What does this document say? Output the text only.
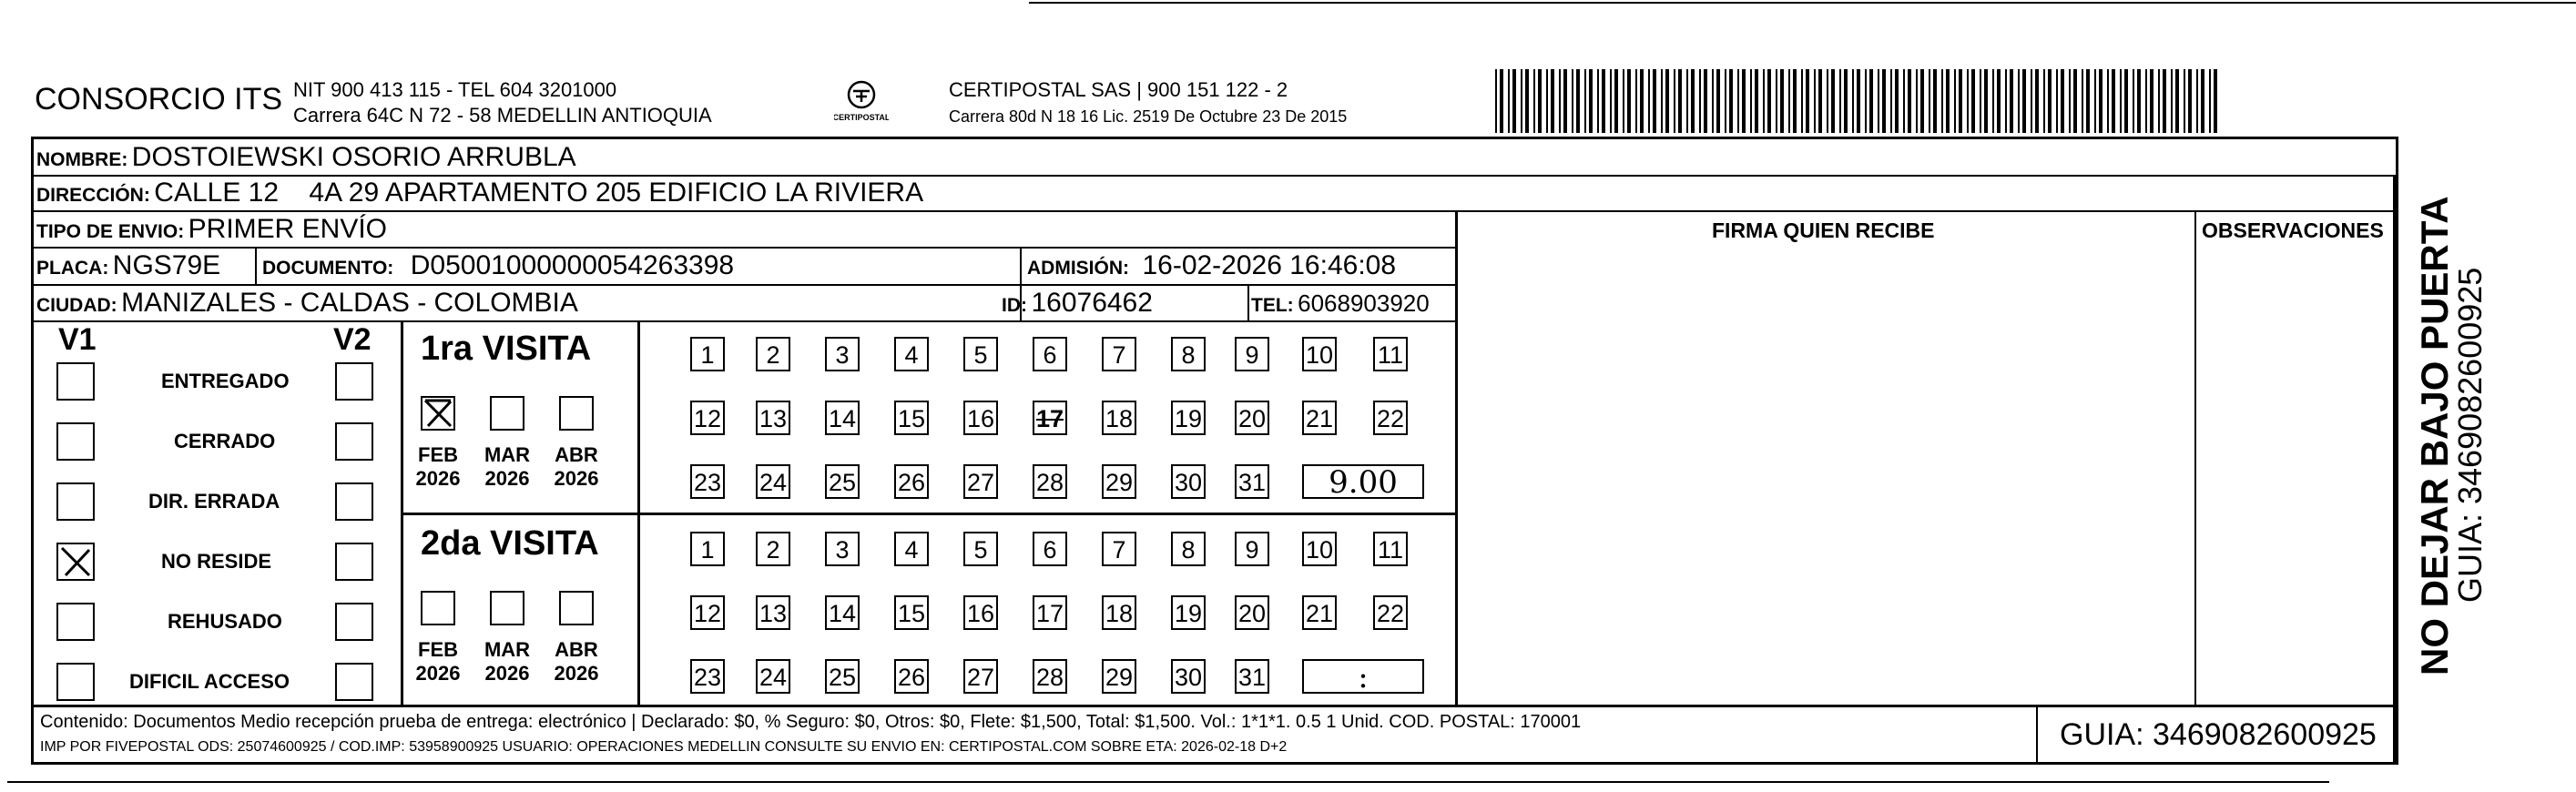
CONSORCIO ITS NIT 900 413 115 - TEL 604 3201000
Carrera 64C N 72 - 58 MEDELLIN ANTIOQUIA	CERTIPOSTAL
CERTIPOSTAL SAS | 900 151 122 - 2
Carrera 80d N 18 16 Lic. 2519 De Octubre 23 De 2015
NOMBRE: DOSTOIEWSKI OSORIO ARRUBLA
DIRECCIÓN: CALLE 12    4A 29 APARTAMENTO 205 EDIFICIO LA RIVIERA
TIPO DE ENVIO: PRIMER ENVÍO
PLACA: NGS79E DOCUMENTO: D05001000000054263398	ADMISIÓN: 16-02-2026 16:46:08
CIUDAD: MANIZALES - CALDAS - COLOMBIA	ID: 16076462	TEL: 6068903920
FIRMA QUIEN RECIBE	OBSERVACIONES
V1	V2
ENTREGADO
CERRADO
DIR. ERRADA
NO RESIDE
REHUSADO
DIFICIL ACCESO
1ra VISITA
FEB
2026
MAR
2026
ABR
2026
1	2	3	4	5	6	7	8	9	10 11
12 13 14 15 16 17 18 19 20 21 22
23 24 25 26 27 28 29 30 31	9.00
2da VISITA
FEB
2026
MAR
2026
ABR
2026
1	2	3	4	5	6	7	8	9	10 11
12 13 14 15 16 17 18 19 20 21 22
23 24 25 26 27 28 29 30 31	:
Contenido: Documentos Medio recepción prueba de entrega: electrónico | Declarado: $0, % Seguro: $0, Otros: $0, Flete: $1,500, Total: $1,500. Vol.: 1*1*1. 0.5 1 Unid. COD. POSTAL: 170001
IMP POR FIVEPOSTAL ODS: 25074600925 / COD.IMP: 53958900925 USUARIO: OPERACIONES MEDELLIN CONSULTE SU ENVIO EN: CERTIPOSTAL.COM SOBRE ETA: 2026-02-18 D+2	GUIA: 3469082600925
NO DEJAR BAJO PUERTA
GUIA: 3469082600925
